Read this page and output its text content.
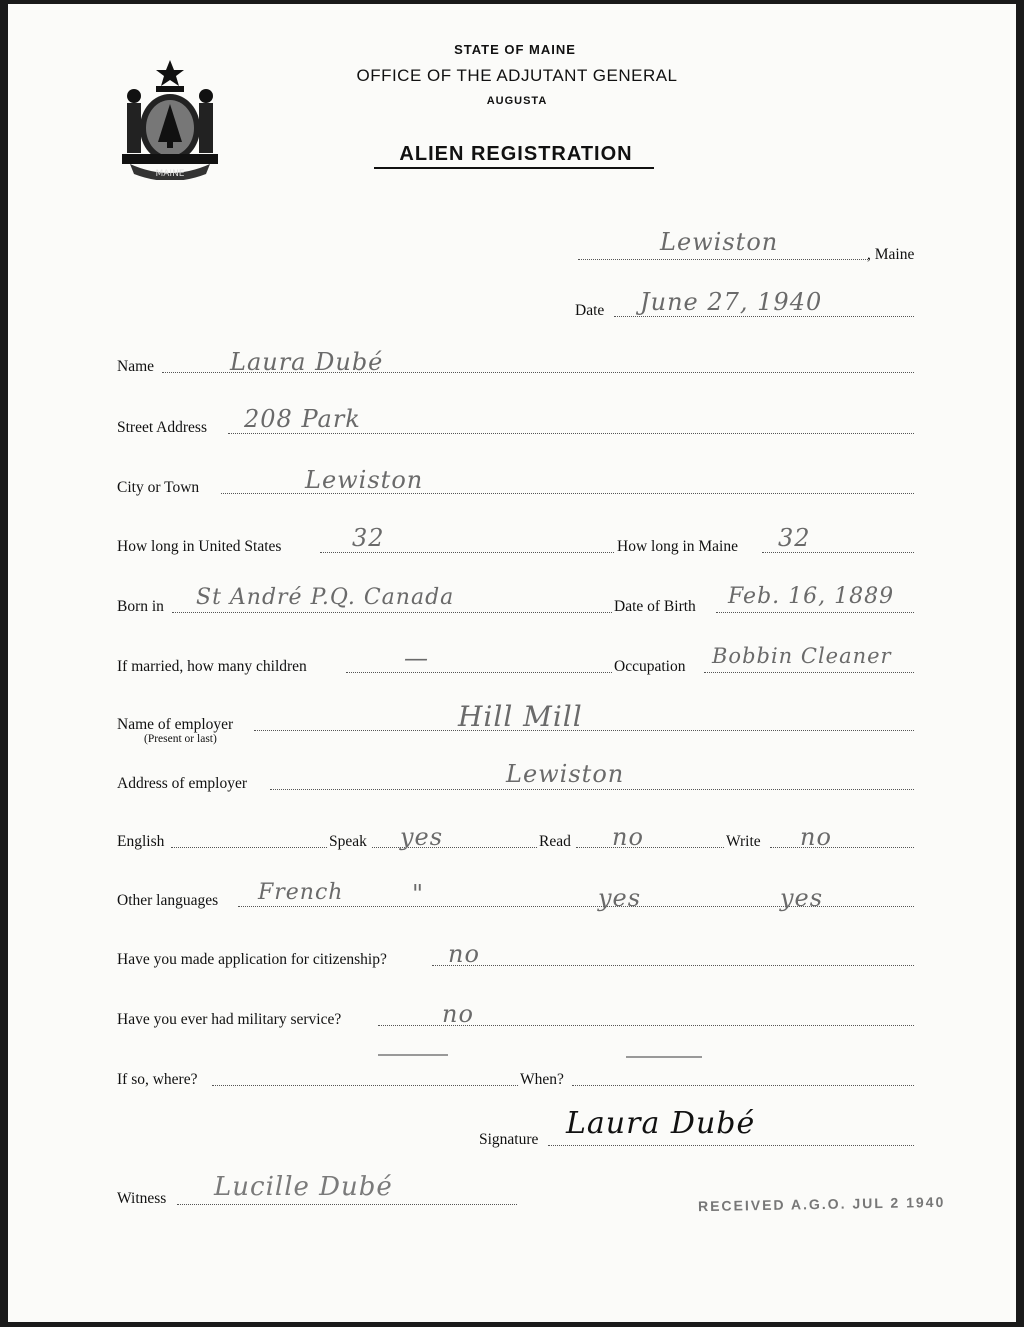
STATE OF MAINE
OFFICE OF THE ADJUTANT GENERAL
AUGUSTA
ALIEN REGISTRATION
MAINE
Lewiston	, Maine
Date June 27, 1940
Name	Laura Dubé
Street Address 208 Park
City or Town	Lewiston
How long in United States	32	How long in Maine 32
Born in St André P.Q. Canada	Date of Birth Feb. 16, 1889
If married, how many children	—	Occupation Bobbin Cleaner
Name of employer
(Present or last)
Hill Mill
Address of employer	Lewiston
English	Speak yes	Read no	Write no
Other languages French	"	yes	yes
Have you made application for citizenship?	no
Have you ever had military service?	no
If so, where?	When?
Signature Laura Dubé
Witness Lucille Dubé
RECEIVED A.G.O. JUL 2 1940
